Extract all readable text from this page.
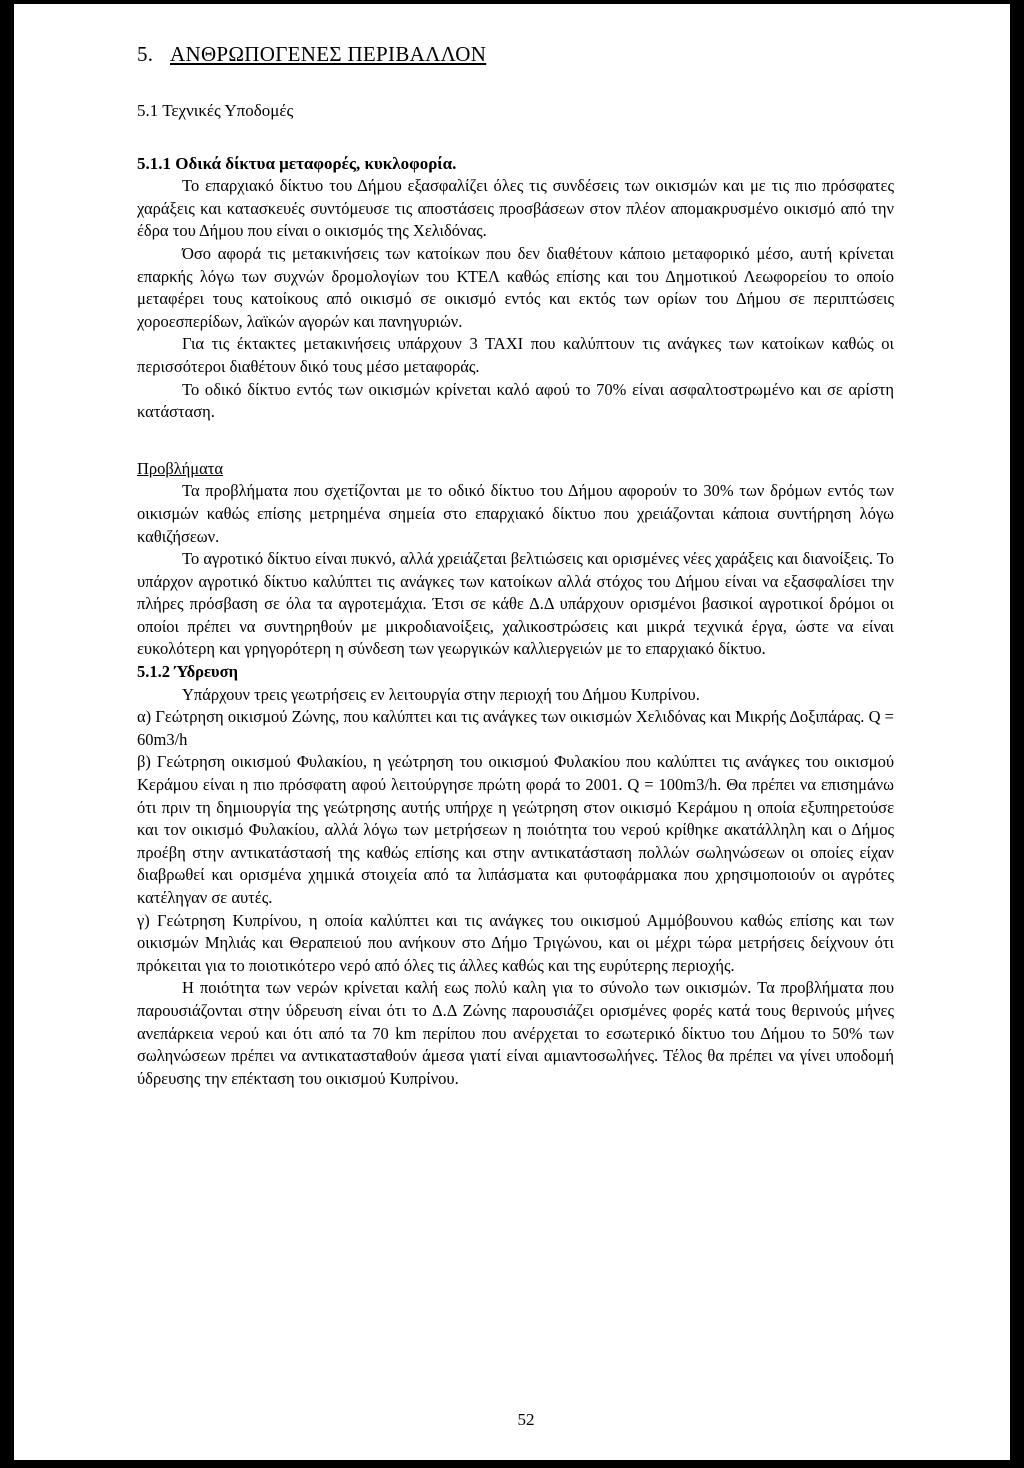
5. ΑΝΘΡΩΠΟΓΕΝΕΣ ΠΕΡΙΒΑΛΛΟΝ

5.1 Τεχνικές Υποδομές

5.1.1 Οδικά δίκτυα μεταφορές, κυκλοφορία.

Το επαρχιακό δίκτυο του Δήμου εξασφαλίζει όλες τις συνδέσεις των οικισμών και με τις πιο πρόσφατες χαράξεις και κατασκευές συντόμευσε τις αποστάσεις προσβάσεων στον πλέον απομακρυσμένο οικισμό από την έδρα του Δήμου που είναι ο οικισμός της Χελιδόνας.

Όσο αφορά τις μετακινήσεις των κατοίκων που δεν διαθέτουν κάποιο μεταφορικό μέσο, αυτή κρίνεται επαρκής λόγω των συχνών δρομολογίων του ΚΤΕΛ καθώς επίσης και του Δημοτικού Λεωφορείου το οποίο μεταφέρει τους κατοίκους από οικισμό σε οικισμό εντός και εκτός των ορίων του Δήμου σε περιπτώσεις χοροεσπερίδων, λαϊκών αγορών και πανηγυριών.

Για τις έκτακτες μετακινήσεις υπάρχουν 3 ΤΑΧΙ που καλύπτουν τις ανάγκες των κατοίκων καθώς οι περισσότεροι διαθέτουν δικό τους μέσο μεταφοράς.

Το οδικό δίκτυο εντός των οικισμών κρίνεται καλό αφού το 70% είναι ασφαλτοστρωμένο και σε αρίστη κατάσταση.

Προβλήματα

Τα προβλήματα που σχετίζονται με το οδικό δίκτυο του Δήμου αφορούν το 30% των δρόμων εντός των οικισμών καθώς επίσης μετρημένα σημεία στο επαρχιακό δίκτυο που χρειάζονται κάποια συντήρηση λόγω καθιζήσεων.

Το αγροτικό δίκτυο είναι πυκνό, αλλά χρειάζεται βελτιώσεις και ορισμένες νέες χαράξεις και διανοίξεις. Το υπάρχον αγροτικό δίκτυο καλύπτει τις ανάγκες των κατοίκων αλλά στόχος του Δήμου είναι να εξασφαλίσει την πλήρες πρόσβαση σε όλα τα αγροτεμάχια. Έτσι σε κάθε Δ.Δ υπάρχουν ορισμένοι βασικοί αγροτικοί δρόμοι οι οποίοι πρέπει να συντηρηθούν με μικροδιανοίξεις, χαλικοστρώσεις και μικρά τεχνικά έργα, ώστε να είναι ευκολότερη και γρηγορότερη η σύνδεση των γεωργικών καλλιεργειών με το επαρχιακό δίκτυο.

5.1.2 Ύδρευση

Υπάρχουν τρεις γεωτρήσεις εν λειτουργία στην περιοχή του Δήμου Κυπρίνου.

α) Γεώτρηση οικισμού Ζώνης, που καλύπτει και τις ανάγκες των οικισμών Χελιδόνας και Μικρής Δοξιπάρας. Q = 60m3/h

β) Γεώτρηση οικισμού Φυλακίου, η γεώτρηση του οικισμού Φυλακίου που καλύπτει τις ανάγκες του οικισμού Κεράμου είναι η πιο πρόσφατη αφού λειτούργησε πρώτη φορά το 2001. Q = 100m3/h. Θα πρέπει να επισημάνω ότι πριν τη δημιουργία της γεώτρησης αυτής υπήρχε η γεώτρηση στον οικισμό Κεράμου η οποία εξυπηρετούσε και τον οικισμό Φυλακίου, αλλά λόγω των μετρήσεων η ποιότητα του νερού κρίθηκε ακατάλληλη και ο Δήμος προέβη στην αντικατάστασή της καθώς επίσης και στην αντικατάσταση πολλών σωληνώσεων οι οποίες είχαν διαβρωθεί και ορισμένα χημικά στοιχεία από τα λιπάσματα και φυτοφάρμακα που χρησιμοποιούν οι αγρότες κατέληγαν σε αυτές.

γ) Γεώτρηση Κυπρίνου, η οποία καλύπτει και τις ανάγκες του οικισμού Αμμόβουνου καθώς επίσης και των οικισμών Μηλιάς και Θεραπειού που ανήκουν στο Δήμο Τριγώνου, και οι μέχρι τώρα μετρήσεις δείχνουν ότι πρόκειται για το ποιοτικότερο νερό από όλες τις άλλες καθώς και της ευρύτερης περιοχής.

Η ποιότητα των νερών κρίνεται καλή εως πολύ καλη για το σύνολο των οικισμών. Τα προβλήματα που παρουσιάζονται στην ύδρευση είναι ότι το Δ.Δ Ζώνης παρουσιάζει ορισμένες φορές κατά τους θερινούς μήνες ανεπάρκεια νερού και ότι από τα 70 km περίπου που ανέρχεται το εσωτερικό δίκτυο του Δήμου το 50% των σωληνώσεων πρέπει να αντικατασταθούν άμεσα γιατί είναι αμιαντοσωλήνες. Τέλος θα πρέπει να γίνει υποδομή ύδρευσης την επέκταση του οικισμού Κυπρίνου.

52
